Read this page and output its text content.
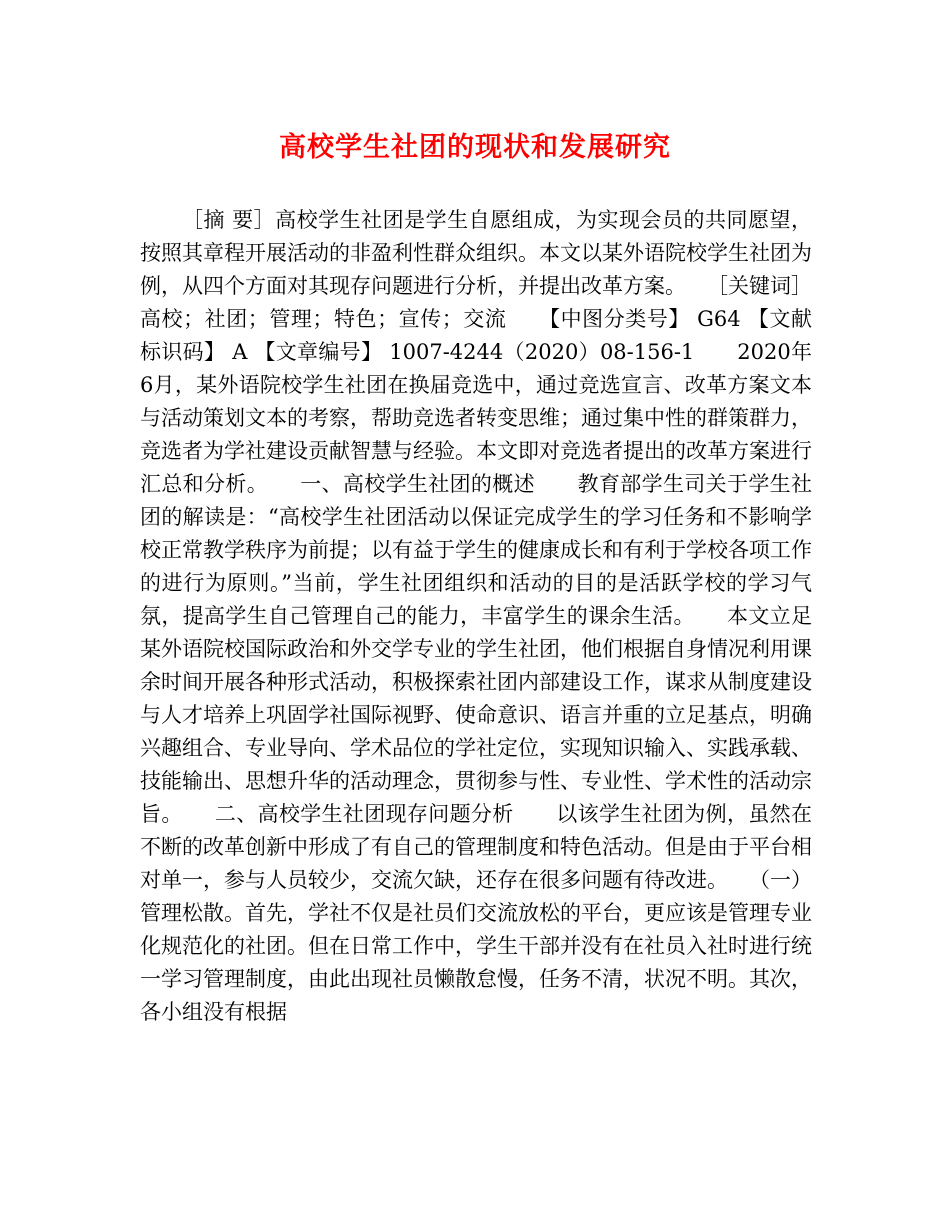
高校学生社团的现状和发展研究

［摘 要］高校学生社团是学生自愿组成，为实现会员的共同愿望，按照其章程开展活动的非盈利性群众组织。本文以某外语院校学生社团为例，从四个方面对其现存问题进行分析，并提出改革方案。　　［关键词］高校；社团；管理；特色；宣传；交流　　【中图分类号】 G64 【文献标识码】 A 【文章编号】 1007-4244（2020）08-156-1　　2020年6月，某外语院校学生社团在换届竞选中，通过竞选宣言、改革方案文本与活动策划文本的考察，帮助竞选者转变思维；通过集中性的群策群力，竞选者为学社建设贡献智慧与经验。本文即对竞选者提出的改革方案进行汇总和分析。　　一、高校学生社团的概述　　教育部学生司关于学生社团的解读是：“高校学生社团活动以保证完成学生的学习任务和不影响学校正常教学秩序为前提；以有益于学生的健康成长和有利于学校各项工作的进行为原则。”当前，学生社团组织和活动的目的是活跃学校的学习气氛，提高学生自己管理自己的能力，丰富学生的课余生活。　　本文立足某外语院校国际政治和外交学专业的学生社团，他们根据自身情况利用课余时间开展各种形式活动，积极探索社团内部建设工作，谋求从制度建设与人才培养上巩固学社国际视野、使命意识、语言并重的立足基点，明确兴趣组合、专业导向、学术品位的学社定位，实现知识输入、实践承载、技能输出、思想升华的活动理念，贯彻参与性、专业性、学术性的活动宗旨。　　二、高校学生社团现存问题分析　　以该学生社团为例，虽然在不断的改革创新中形成了有自己的管理制度和特色活动。但是由于平台相对单一，参与人员较少，交流欠缺，还存在很多问题有待改进。　　（一）管理松散。首先，学社不仅是社员们交流放松的平台，更应该是管理专业化规范化的社团。但在日常工作中，学生干部并没有在社员入社时进行统一学习管理制度，由此出现社员懒散怠慢，任务不清，状况不明。其次，各小组没有根据
